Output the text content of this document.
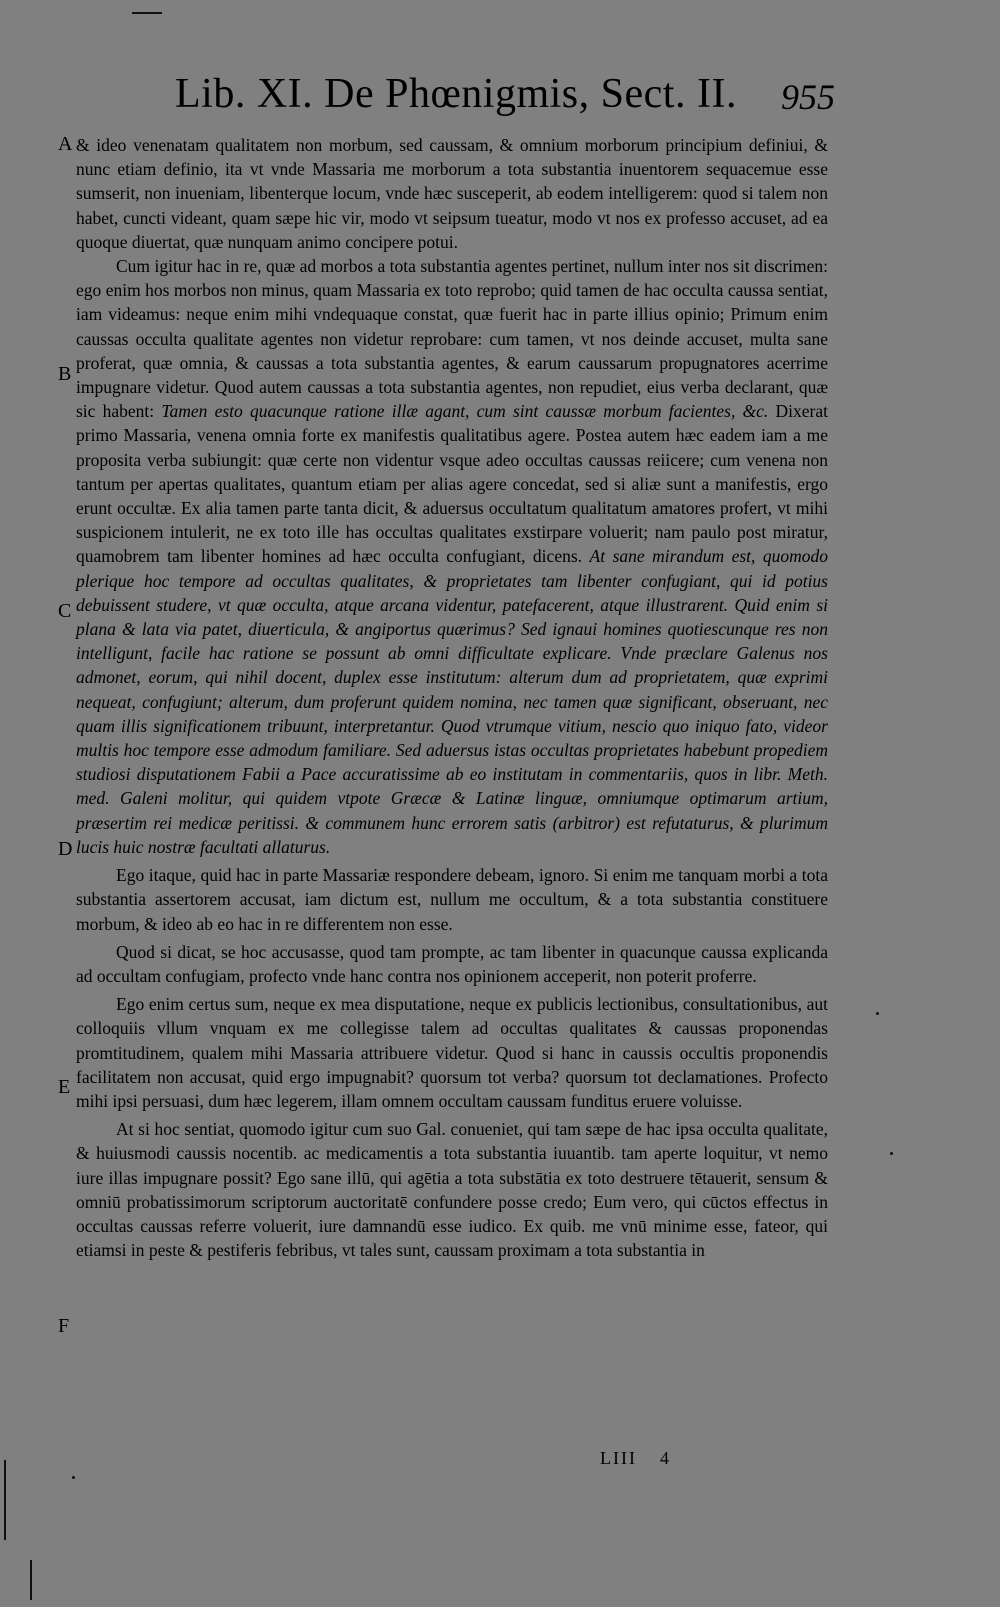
Lib. XI. De Phœnigmis, Sect. II. 955
A
B
C
D
E
F

& ideo venenatam qualitatem non morbum, sed caussam, & omnium morborum principium definiui, & nunc etiam definio, ita vt vnde Massaria me morborum a tota substantia inuentorem sequacemue esse sumserit, non inueniam, libenterque locum, vnde hæc susceperit, ab eodem intelligerem: quod si talem non habet, cuncti videant, quam sæpe hic vir, modo vt seipsum tueatur, modo vt nos ex professo accuset, ad ea quoque diuertat, quæ nunquam animo concipere potui.

Cum igitur hac in re, quæ ad morbos a tota substantia agentes pertinet, nullum inter nos sit discrimen: ego enim hos morbos non minus, quam Massaria ex toto reprobo; quid tamen de hac occulta caussa sentiat, iam videamus: neque enim mihi vndequaque constat, quæ fuerit hac in parte illius opinio; Primum enim caussas occulta qualitate agentes non videtur reprobare: cum tamen, vt nos deinde accuset, multa sane proferat, quæ omnia, & caussas a tota substantia agentes, & earum caussarum propugnatores acerrime impugnare videtur. Quod autem caussas a tota substantia agentes, non repudiet, eius verba declarant, quæ sic habent: Tamen esto quacunque ratione illæ agant, cum sint caussæ morbum facientes, &c. Dixerat primo Massaria, venena omnia forte ex manifestis qualitatibus agere. Postea autem hæc eadem iam a me proposita verba subiungit: quæ certe non videntur vsque adeo occultas caussas reiicere; cum venena non tantum per apertas qualitates, quantum etiam per alias agere concedat, sed si aliæ sunt a manifestis, ergo erunt occultæ. Ex alia tamen parte tanta dicit, & aduersus occultatum qualitatum amatores profert, vt mihi suspicionem intulerit, ne ex toto ille has occultas qualitates exstirpare voluerit; nam paulo post miratur, quamobrem tam libenter homines ad hæc occulta confugiant, dicens. At sane mirandum est, quomodo plerique hoc tempore ad occultas qualitates, & proprietates tam libenter confugiant, qui id potius debuissent studere, vt quæ occulta, atque arcana videntur, patefacerent, atque illustrarent. Quid enim si plana & lata via patet, diuerticula, & angiportus quærimus? Sed ignaui homines quotiescunque res non intelligunt, facile hac ratione se possunt ab omni difficultate explicare. Vnde præclare Galenus nos admonet, eorum, qui nihil docent, duplex esse institutum: alterum dum ad proprietatem, quæ exprimi nequeat, confugiunt; alterum, dum proferunt quidem nomina, nec tamen quæ significant, obseruant, nec quam illis significationem tribuunt, interpretantur. Quod vtrumque vitium, nescio quo iniquo fato, videor multis hoc tempore esse admodum familiare. Sed aduersus istas occultas proprietates habebunt propediem studiosi disputationem Fabii a Pace accuratissime ab eo institutam in commentariis, quos in libr. Meth. med. Galeni molitur, qui quidem vtpote Græcæ & Latinæ linguæ, omniumque optimarum artium, præsertim rei medicæ peritissi. & communem hunc errorem satis (arbitror) est refutaturus, & plurimum lucis huic nostræ facultati allaturus.

Ego itaque, quid hac in parte Massariæ respondere debeam, ignoro. Si enim me tanquam morbi a tota substantia assertorem accusat, iam dictum est, nullum me occultum, & a tota substantia constituere morbum, & ideo ab eo hac in re differentem non esse.

Quod si dicat, se hoc accusasse, quod tam prompte, ac tam libenter in quacunque caussa explicanda ad occultam confugiam, profecto vnde hanc contra nos opinionem acceperit, non poterit proferre.

Ego enim certus sum, neque ex mea disputatione, neque ex publicis lectionibus, consultationibus, aut colloquiis vllum vnquam ex me collegisse talem ad occultas qualitates & caussas proponendas promtitudinem, qualem mihi Massaria attribuere videtur. Quod si hanc in caussis occultis proponendis facilitatem non accusat, quid ergo impugnabit? quorsum tot verba? quorsum tot declamationes. Profecto mihi ipsi persuasi, dum hæc legerem, illam omnem occultam caussam funditus eruere voluisse.

At si hoc sentiat, quomodo igitur cum suo Gal. conueniet, qui tam sæpe de hac ipsa occulta qualitate, & huiusmodi caussis nocentib. ac medicamentis a tota substantia iuuantib. tam aperte loquitur, vt nemo iure illas impugnare possit? Ego sane illū, qui agētia a tota substātia ex toto destruere tētauerit, sensum & omniū probatissimorum scriptorum auctoritatē confundere posse credo; Eum vero, qui cūctos effectus in occultas caussas referre voluerit, iure damnandū esse iudico. Ex quib. me vnū minime esse, fateor, qui etiamsi in peste & pestiferis febribus, vt tales sunt, caussam proximam a tota substantia in

LIII 4
